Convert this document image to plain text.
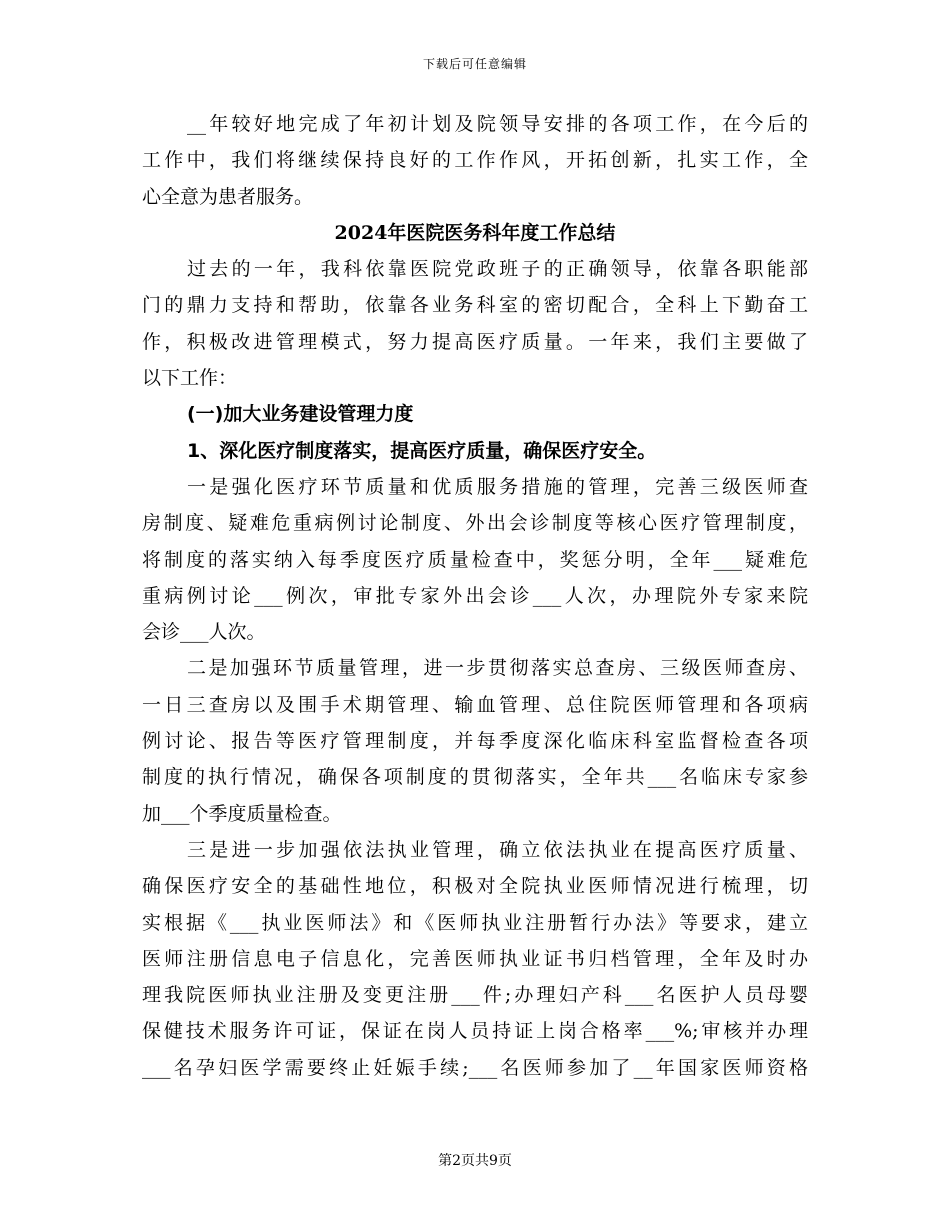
下载后可任意编辑
__年较好地完成了年初计划及院领导安排的各项工作，在今后的
工作中，我们将继续保持良好的工作作风，开拓创新，扎实工作，全
心全意为患者服务。
2024年医院医务科年度工作总结
过去的一年，我科依靠医院党政班子的正确领导，依靠各职能部
门的鼎力支持和帮助，依靠各业务科室的密切配合，全科上下勤奋工
作，积极改进管理模式，努力提高医疗质量。一年来，我们主要做了
以下工作：
(一)加大业务建设管理力度
1、深化医疗制度落实，提高医疗质量，确保医疗安全。
一是强化医疗环节质量和优质服务措施的管理，完善三级医师查
房制度、疑难危重病例讨论制度、外出会诊制度等核心医疗管理制度，
将制度的落实纳入每季度医疗质量检查中，奖惩分明，全年___疑难危
重病例讨论___例次，审批专家外出会诊___人次，办理院外专家来院
会诊___人次。
二是加强环节质量管理，进一步贯彻落实总查房、三级医师查房、
一日三查房以及围手术期管理、输血管理、总住院医师管理和各项病
例讨论、报告等医疗管理制度，并每季度深化临床科室监督检查各项
制度的执行情况，确保各项制度的贯彻落实，全年共___名临床专家参
加___个季度质量检查。
三是进一步加强依法执业管理，确立依法执业在提高医疗质量、
确保医疗安全的基础性地位，积极对全院执业医师情况进行梳理，切
实根据《___执业医师法》和《医师执业注册暂行办法》等要求，建立
医师注册信息电子信息化，完善医师执业证书归档管理，全年及时办
理我院医师执业注册及变更注册___件;办理妇产科___名医护人员母婴
保健技术服务许可证，保证在岗人员持证上岗合格率___%;审核并办理
___名孕妇医学需要终止妊娠手续;___名医师参加了__年国家医师资格
第2页共9页
